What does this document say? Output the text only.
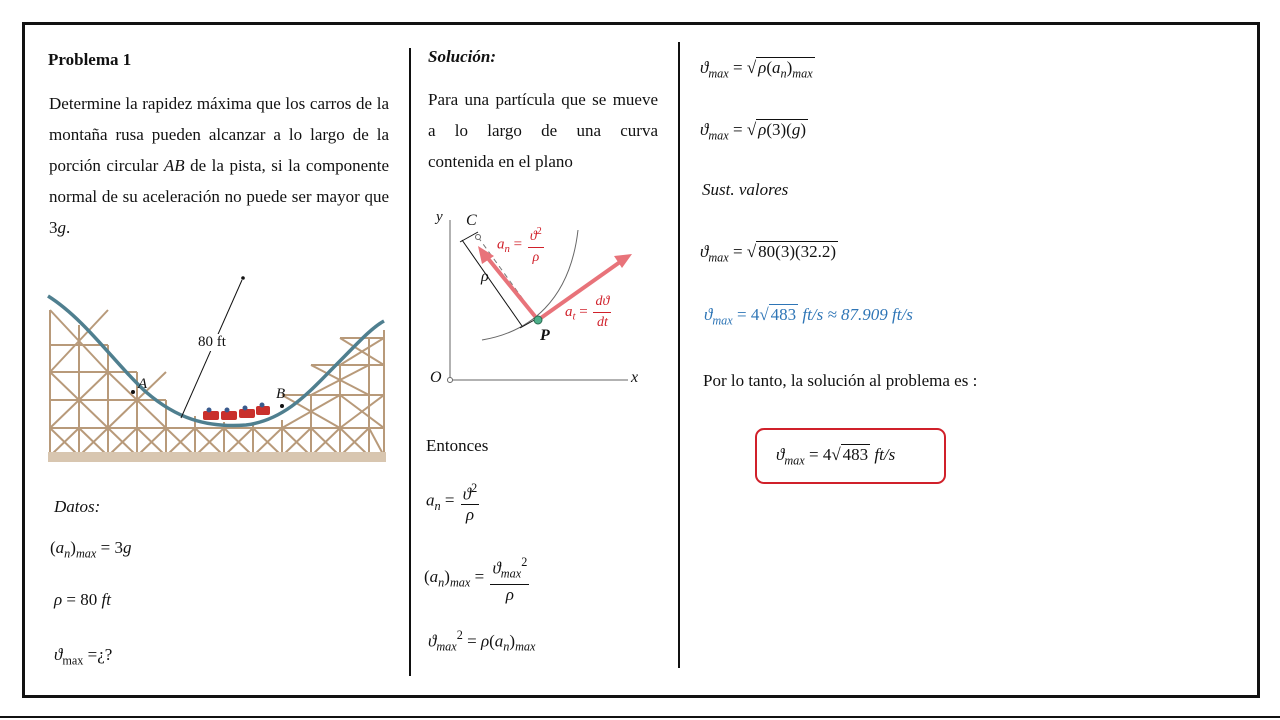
Problema 1
Determine la rapidez máxima que los carros de la montaña rusa pueden alcanzar a lo largo de la porción circular AB de la pista, si la componente normal de su aceleración no puede ser mayor que 3g.
A
B
80 ft
Datos:
$(a_n)_{max} = 3g$
ρ = 80 ft
$ϑ_{max}$ =¿?
Solución:
Para una partícula que se mueve a lo largo de una curva
contenida en el plano
y
x
O
C
P
ρ
$a_n = \frac{ϑ^2}{\rho}$
$a_t = \frac{dϑ}{dt}$
Entonces
$a_n = \frac{ϑ^2}{\rho}$
$(a_n)_{max} = \frac{ϑ_{max}^2}{\rho}$
$ϑ_{max}^2 = \rho(a_n)_{max}$
$ϑ_{max}$ = √ $\rho(a_n)_{max}$
$ϑ_{max}$ = √ ρ(3)(g)
Sust. valores
$ϑ_{max}$ = √ 80(3)(32.2)
$ϑ_{max} = 4√$ 483 ft/s ≈ 87.909 ft/s
Por lo tanto, la solución al problema es :
$ϑ_{max} = 4√$ 483 ft/s
